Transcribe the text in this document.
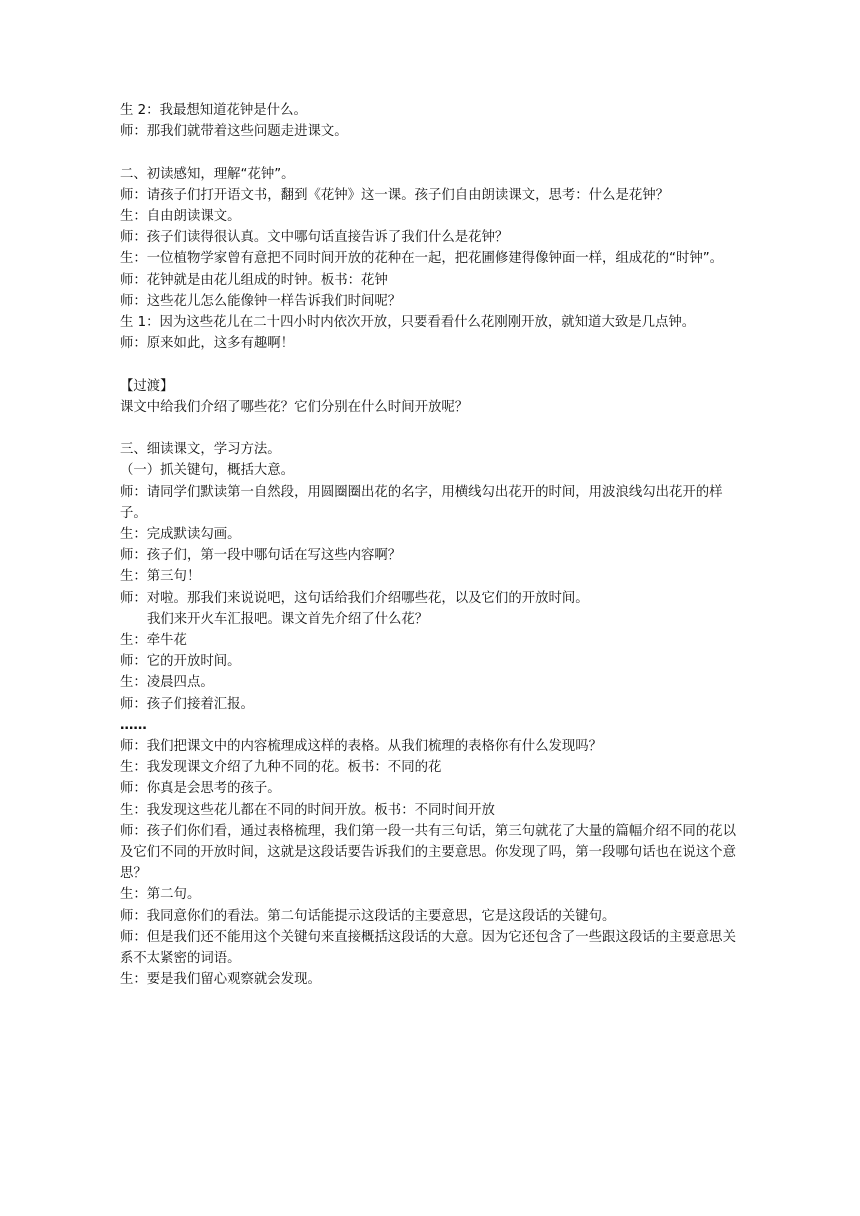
生 2：我最想知道花钟是什么。
师：那我们就带着这些问题走进课文。
二、初读感知，理解“花钟”。
师：请孩子们打开语文书，翻到《花钟》这一课。孩子们自由朗读课文，思考：什么是花钟？
生：自由朗读课文。
师：孩子们读得很认真。文中哪句话直接告诉了我们什么是花钟？
生：一位植物学家曾有意把不同时间开放的花种在一起，把花圃修建得像钟面一样，组成花的“时钟”。
师：花钟就是由花儿组成的时钟。板书：花钟
师：这些花儿怎么能像钟一样告诉我们时间呢？
生 1：因为这些花儿在二十四小时内依次开放，只要看看什么花刚刚开放，就知道大致是几点钟。
师：原来如此，这多有趣啊！
【过渡】
课文中给我们介绍了哪些花？它们分别在什么时间开放呢？
三、细读课文，学习方法。
（一）抓关键句，概括大意。
师：请同学们默读第一自然段，用圆圈圈出花的名字，用横线勾出花开的时间，用波浪线勾出花开的样子。
生：完成默读勾画。
师：孩子们，第一段中哪句话在写这些内容啊？
生：第三句！
师：对啦。那我们来说说吧，这句话给我们介绍哪些花，以及它们的开放时间。
我们来开火车汇报吧。课文首先介绍了什么花？
生：牵牛花
师：它的开放时间。
生：凌晨四点。
师：孩子们接着汇报。
……
师：我们把课文中的内容梳理成这样的表格。从我们梳理的表格你有什么发现吗？
生：我发现课文介绍了九种不同的花。板书：不同的花
师：你真是会思考的孩子。
生：我发现这些花儿都在不同的时间开放。板书：不同时间开放
师：孩子们你们看，通过表格梳理，我们第一段一共有三句话，第三句就花了大量的篇幅介绍不同的花以及它们不同的开放时间，这就是这段话要告诉我们的主要意思。你发现了吗，第一段哪句话也在说这个意思？
生：第二句。
师：我同意你们的看法。第二句话能提示这段话的主要意思，它是这段话的关键句。
师：但是我们还不能用这个关键句来直接概括这段话的大意。因为它还包含了一些跟这段话的主要意思关系不太紧密的词语。
生：要是我们留心观察就会发现。
